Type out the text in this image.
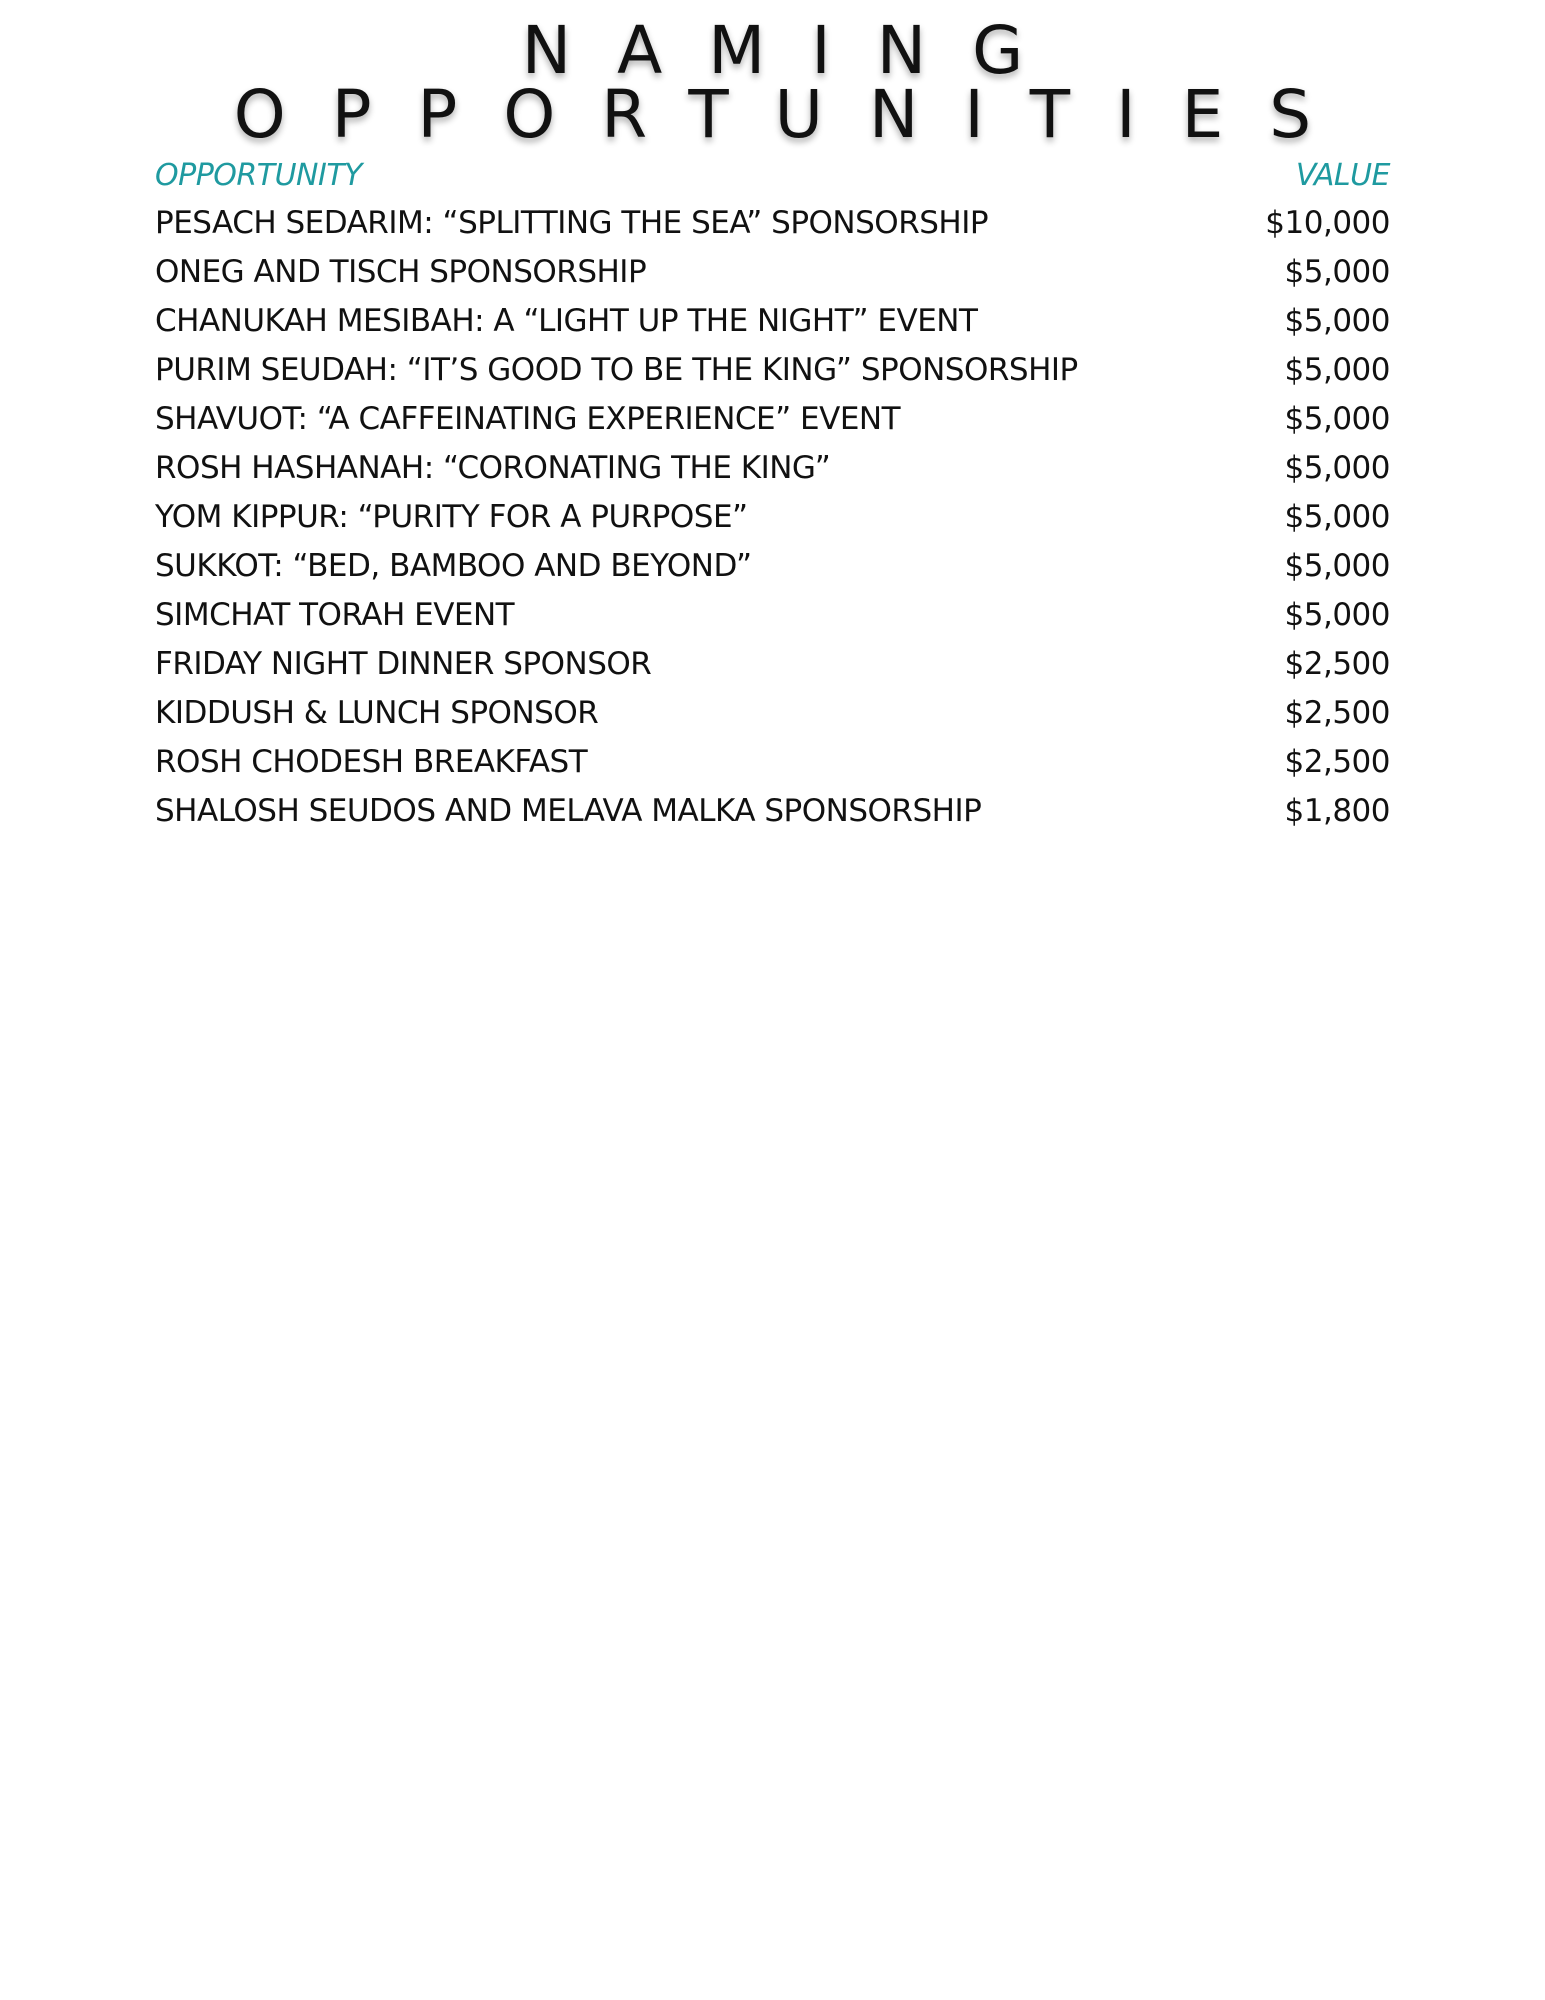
NAMING
OPPORTUNITIES
OPPORTUNITY	VALUE
PESACH SEDARIM: “SPLITTING THE SEA” SPONSORSHIP	$10,000
ONEG AND TISCH SPONSORSHIP	$5,000
CHANUKAH MESIBAH: A “LIGHT UP THE NIGHT” EVENT	$5,000
PURIM SEUDAH: “IT’S GOOD TO BE THE KING” SPONSORSHIP	$5,000
SHAVUOT: “A CAFFEINATING EXPERIENCE” EVENT	$5,000
ROSH HASHANAH: “CORONATING THE KING”	$5,000
YOM KIPPUR: “PURITY FOR A PURPOSE”	$5,000
SUKKOT: “BED, BAMBOO AND BEYOND”	$5,000
SIMCHAT TORAH EVENT	$5,000
FRIDAY NIGHT DINNER SPONSOR	$2,500
KIDDUSH & LUNCH SPONSOR	$2,500
ROSH CHODESH BREAKFAST	$2,500
SHALOSH SEUDOS AND MELAVA MALKA SPONSORSHIP	$1,800
